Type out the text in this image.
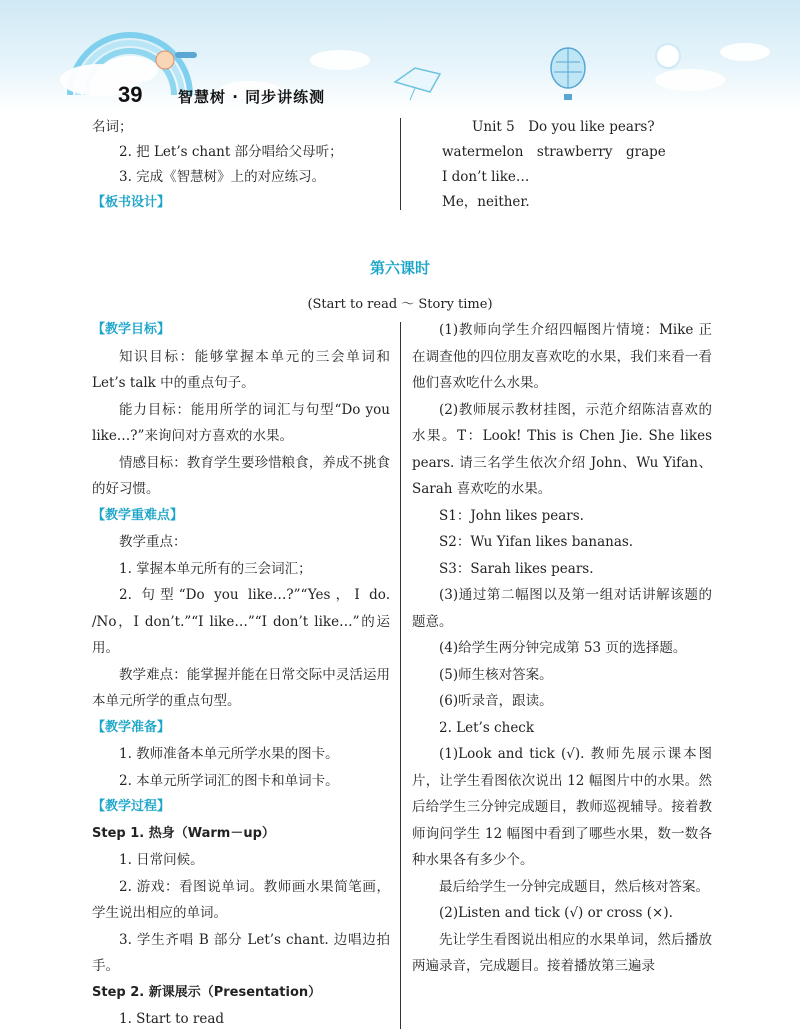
39 智慧树 · 同步讲练测

名词；

2. 把 Let’s chant 部分唱给父母听；

3. 完成《智慧树》上的对应练习。

【板书设计】

Unit 5　Do you like pears?

watermelon　strawberry　grape

I don’t like…

Me，neither.

第六课时
(Start to read ～ Story time)

【教学目标】

知识目标：能够掌握本单元的三会单词和 Let’s talk 中的重点句子。

能力目标：能用所学的词汇与句型“Do you like…?”来询问对方喜欢的水果。

情感目标：教育学生要珍惜粮食，养成不挑食的好习惯。

【教学重难点】

教学重点：

1. 掌握本单元所有的三会词汇；

2. 句型“Do you like…?”“Yes，I do. /No，I don’t.”“I like…”“I don’t like…”的运用。

教学难点：能掌握并能在日常交际中灵活运用本单元所学的重点句型。

【教学准备】

1. 教师准备本单元所学水果的图卡。

2. 本单元所学词汇的图卡和单词卡。

【教学过程】

Step 1. 热身（Warm－up）

1. 日常问候。

2. 游戏：看图说单词。教师画水果简笔画，学生说出相应的单词。

3. 学生齐唱 B 部分 Let’s chant. 边唱边拍手。

Step 2. 新课展示（Presentation）

1. Start to read

(1)教师向学生介绍四幅图片情境：Mike 正在调查他的四位朋友喜欢吃的水果，我们来看一看他们喜欢吃什么水果。

(2)教师展示教材挂图，示范介绍陈洁喜欢的水果。T：Look! This is Chen Jie. She likes pears. 请三名学生依次介绍 John、Wu Yifan、Sarah 喜欢吃的水果。

S1：John likes pears.

S2：Wu Yifan likes bananas.

S3：Sarah likes pears.

(3)通过第二幅图以及第一组对话讲解该题的题意。

(4)给学生两分钟完成第 53 页的选择题。

(5)师生核对答案。

(6)听录音，跟读。

2. Let’s check

(1)Look and tick (√). 教师先展示课本图片，让学生看图依次说出 12 幅图片中的水果。然后给学生三分钟完成题目，教师巡视辅导。接着教师询问学生 12 幅图中看到了哪些水果，数一数各种水果各有多少个。

最后给学生一分钟完成题目，然后核对答案。

(2)Listen and tick (√) or cross (×).

先让学生看图说出相应的水果单词，然后播放两遍录音，完成题目。接着播放第三遍录
